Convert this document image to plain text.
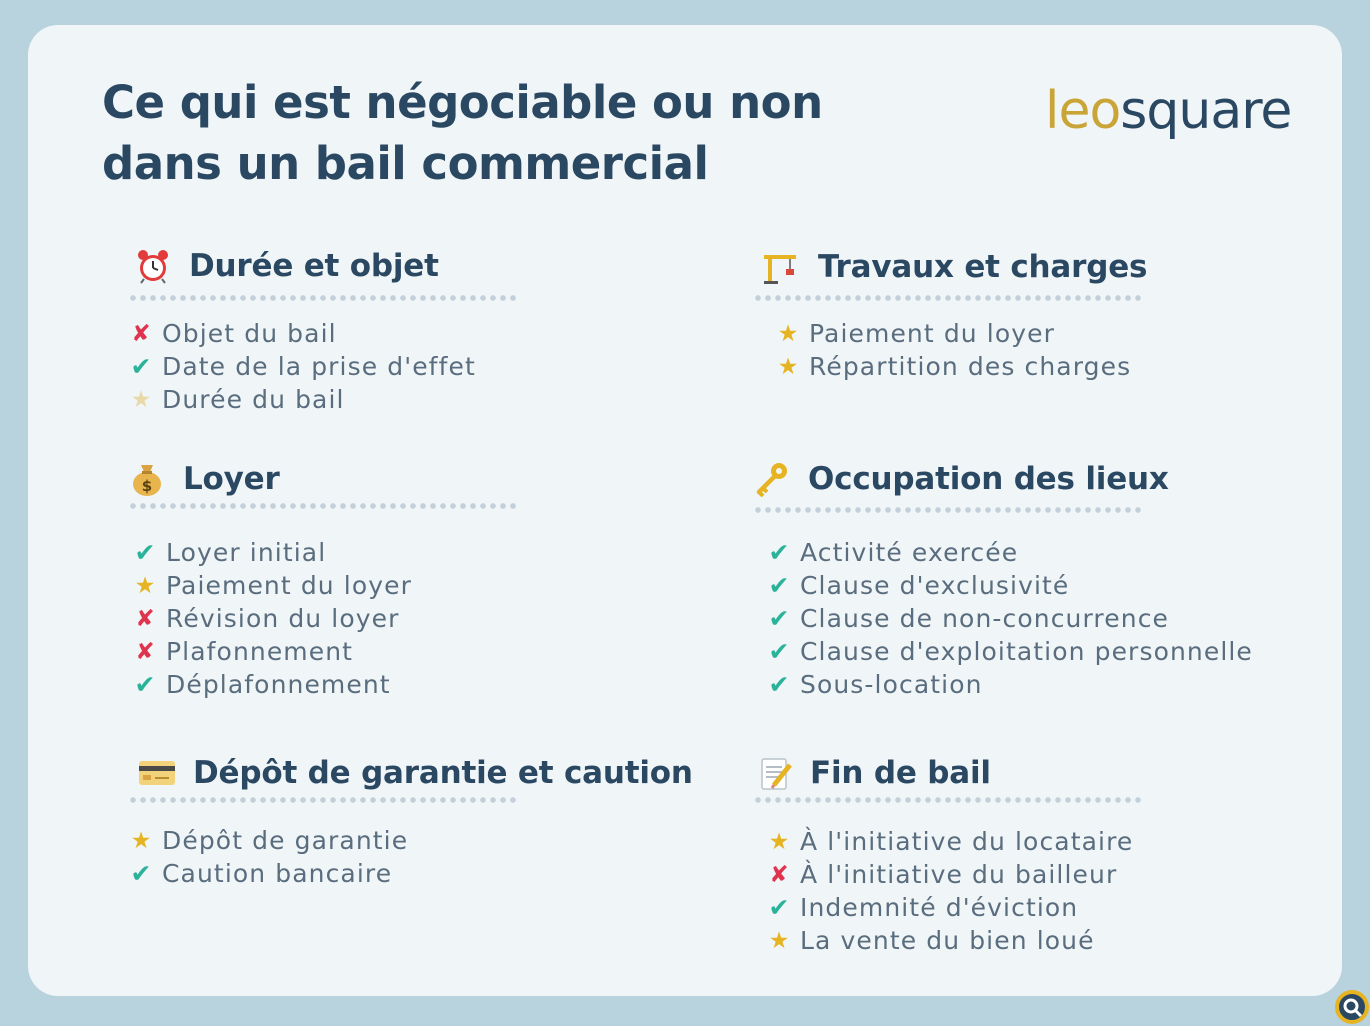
Ce qui est négociable ou non
dans un bail commercial
leosquare
Durée et objet
✘ Objet du bail
✔ Date de la prise d'effet
★ Durée du bail
Travaux et charges
★ Paiement du loyer
★ Répartition des charges
$ Loyer
✔ Loyer initial
★ Paiement du loyer
✘ Révision du loyer
✘ Plafonnement
✔ Déplafonnement
Occupation des lieux
✔ Activité exercée
✔ Clause d'exclusivité
✔ Clause de non-concurrence
✔ Clause d'exploitation personnelle
✔ Sous-location
Dépôt de garantie et caution
★ Dépôt de garantie
✔ Caution bancaire
Fin de bail
★ À l'initiative du locataire
✘ À l'initiative du bailleur
✔ Indemnité d'éviction
★ La vente du bien loué
